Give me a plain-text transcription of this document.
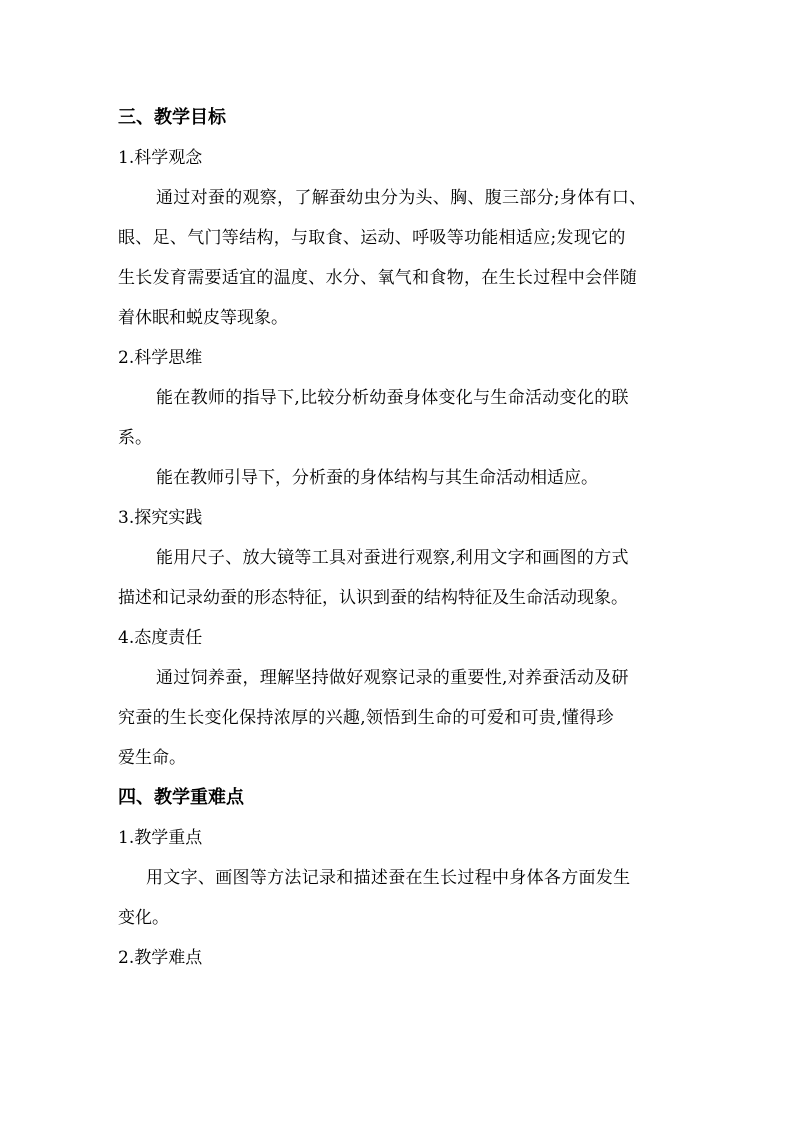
三、教学目标
1.科学观念
通过对蚕的观察，了解蚕幼虫分为头、胸、腹三部分;身体有口、
眼、足、气门等结构，与取食、运动、呼吸等功能相适应;发现它的
生长发育需要适宜的温度、水分、氧气和食物，在生长过程中会伴随
着休眠和蜕皮等现象。
2.科学思维
能在教师的指导下,比较分析幼蚕身体变化与生命活动变化的联
系。
能在教师引导下，分析蚕的身体结构与其生命活动相适应。
3.探究实践
能用尺子、放大镜等工具对蚕进行观察,利用文字和画图的方式
描述和记录幼蚕的形态特征，认识到蚕的结构特征及生命活动现象。
4.态度责任
通过饲养蚕，理解坚持做好观察记录的重要性,对养蚕活动及研
究蚕的生长变化保持浓厚的兴趣,领悟到生命的可爱和可贵,懂得珍
爱生命。
四、教学重难点
1.教学重点
用文字、画图等方法记录和描述蚕在生长过程中身体各方面发生
变化。
2.教学难点
